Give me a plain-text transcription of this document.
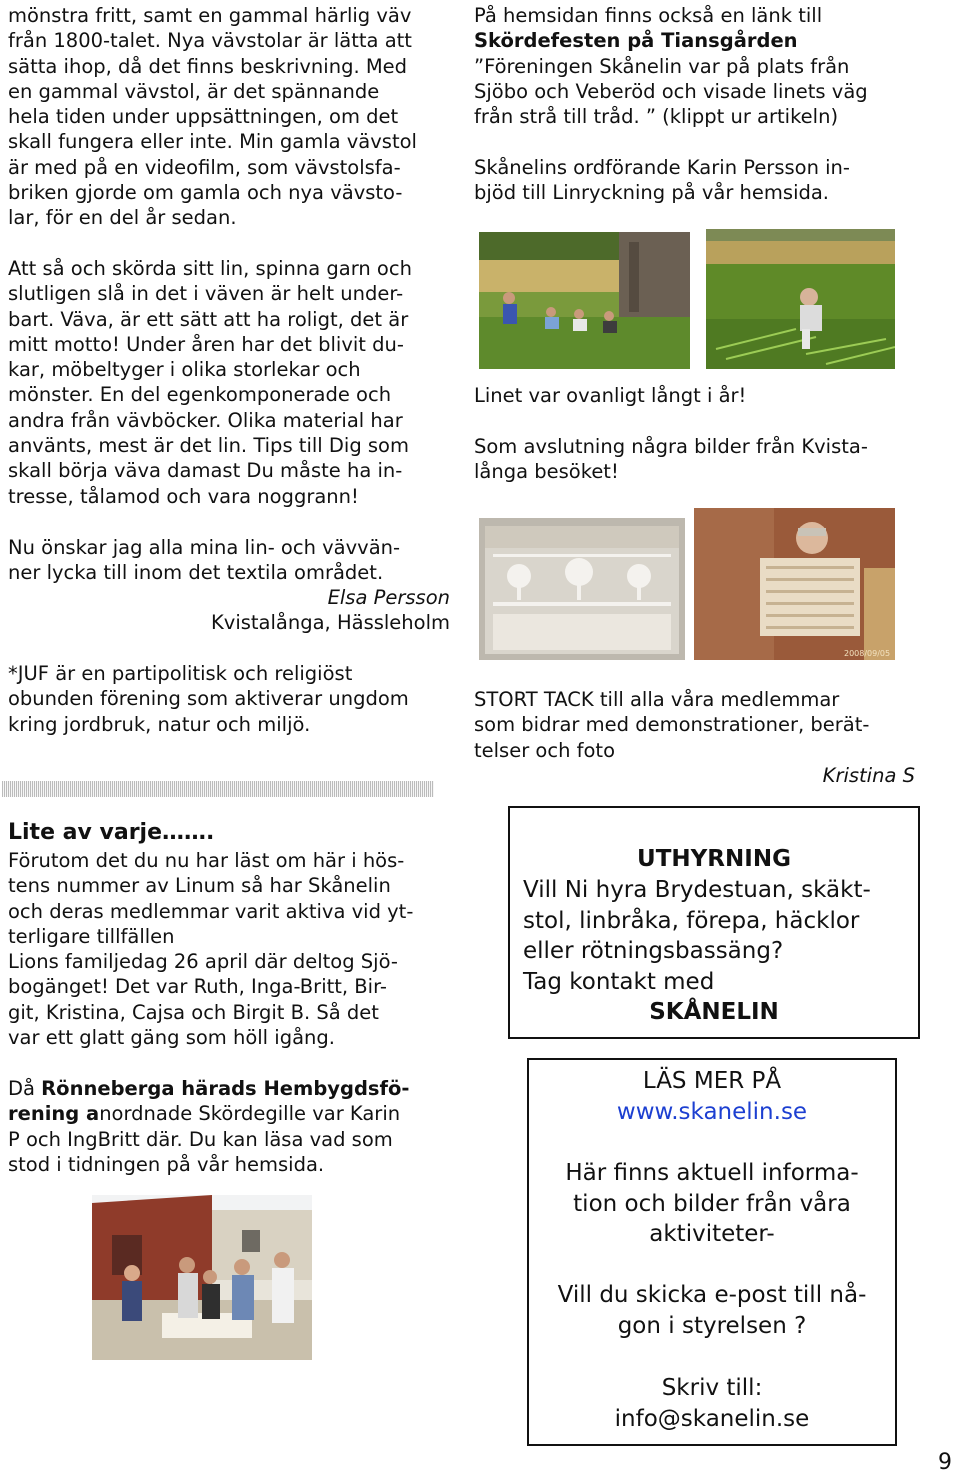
mönstra fritt, samt en gammal härlig väv
från 1800-talet. Nya vävstolar är lätta att
sätta ihop, då det finns beskrivning. Med
en gammal vävstol, är det spännande
hela tiden under uppsättningen, om det
skall fungera eller inte. Min gamla vävstol
är med på en videofilm, som vävstolsfa-
briken gjorde om gamla och nya vävsto-
lar, för en del år sedan.
Att så och skörda sitt lin, spinna garn och
slutligen slå in det i väven är helt under-
bart. Väva, är ett sätt att ha roligt, det är
mitt motto! Under åren har det blivit du-
kar, möbeltyger i olika storlekar och
mönster. En del egenkomponerade och
andra från vävböcker. Olika material har
använts, mest är det lin. Tips till Dig som
skall börja väva damast Du måste ha in-
tresse, tålamod och vara noggrann!
Nu önskar jag alla mina lin- och vävvän-
ner lycka till inom det textila området.
Elsa Persson
Kvistalånga, Hässleholm
*JUF är en partipolitisk och religiöst
obunden förening som aktiverar ungdom
kring jordbruk, natur och miljö.
Lite av varje…….
Förutom det du nu har läst om här i hös-
tens nummer av Linum så har Skånelin
och deras medlemmar varit aktiva vid yt-
terligare tillfällen
Lions familjedag 26 april där deltog Sjö-
bogänget! Det var Ruth, Inga-Britt, Bir-
git, Kristina, Cajsa och Birgit B. Så det
var ett glatt gäng som höll igång.
Då Rönneberga härads Hembygdsfö-
rening anordnade Skördegille var Karin
P och IngBritt där. Du kan läsa vad som
stod i tidningen på vår hemsida.
På hemsidan finns också en länk till
Skördefesten på Tiansgården
”Föreningen Skånelin var på plats från
Sjöbo och Veberöd och visade linets väg
från strå till tråd. ” (klippt ur artikeln)
Skånelins ordförande Karin Persson in-
bjöd till Linryckning på vår hemsida.
Linet var ovanligt långt i år!
Som avslutning några bilder från Kvista-
långa besöket!
2008/09/05
STORT TACK till alla våra medlemmar
som bidrar med demonstrationer, berät-
telser och foto
Kristina S
UTHYRNING
Vill Ni hyra Brydestuan, skäkt-
stol, linbråka, förepa, häcklor
eller rötningsbassäng?
Tag kontakt med
SKÅNELIN
LÄS MER PÅ
www.skanelin.se
Här finns aktuell informa-
tion och bilder från våra
aktiviteter-
Vill du skicka e-post till nå-
gon i styrelsen ?
Skriv till:
info@skanelin.se
9
